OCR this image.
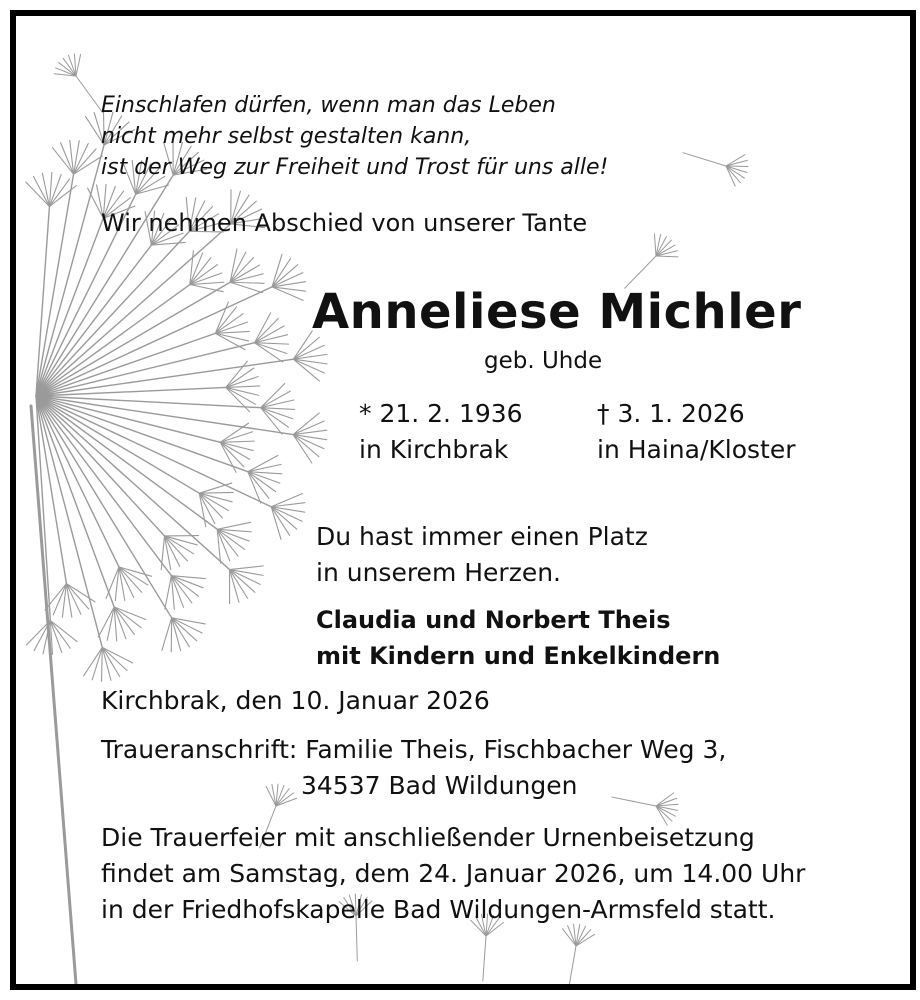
Einschlafen dürfen, wenn man das Leben
nicht mehr selbst gestalten kann,
ist der Weg zur Freiheit und Trost für uns alle!
Wir nehmen Abschied von unserer Tante
Anneliese Michler
geb. Uhde
* 21. 2. 1936	† 3. 1. 2026
in Kirchbrak	in Haina/Kloster
Du hast immer einen Platz
in unserem Herzen.
Claudia und Norbert Theis
mit Kindern und Enkelkindern
Kirchbrak, den 10. Januar 2026
Traueranschrift: Familie Theis, Fischbacher Weg 3,
34537 Bad Wildungen
Die Trauerfeier mit anschließender Urnenbeisetzung
findet am Samstag, dem 24. Januar 2026, um 14.00 Uhr
in der Friedhofskapelle Bad Wildungen-Armsfeld statt.
